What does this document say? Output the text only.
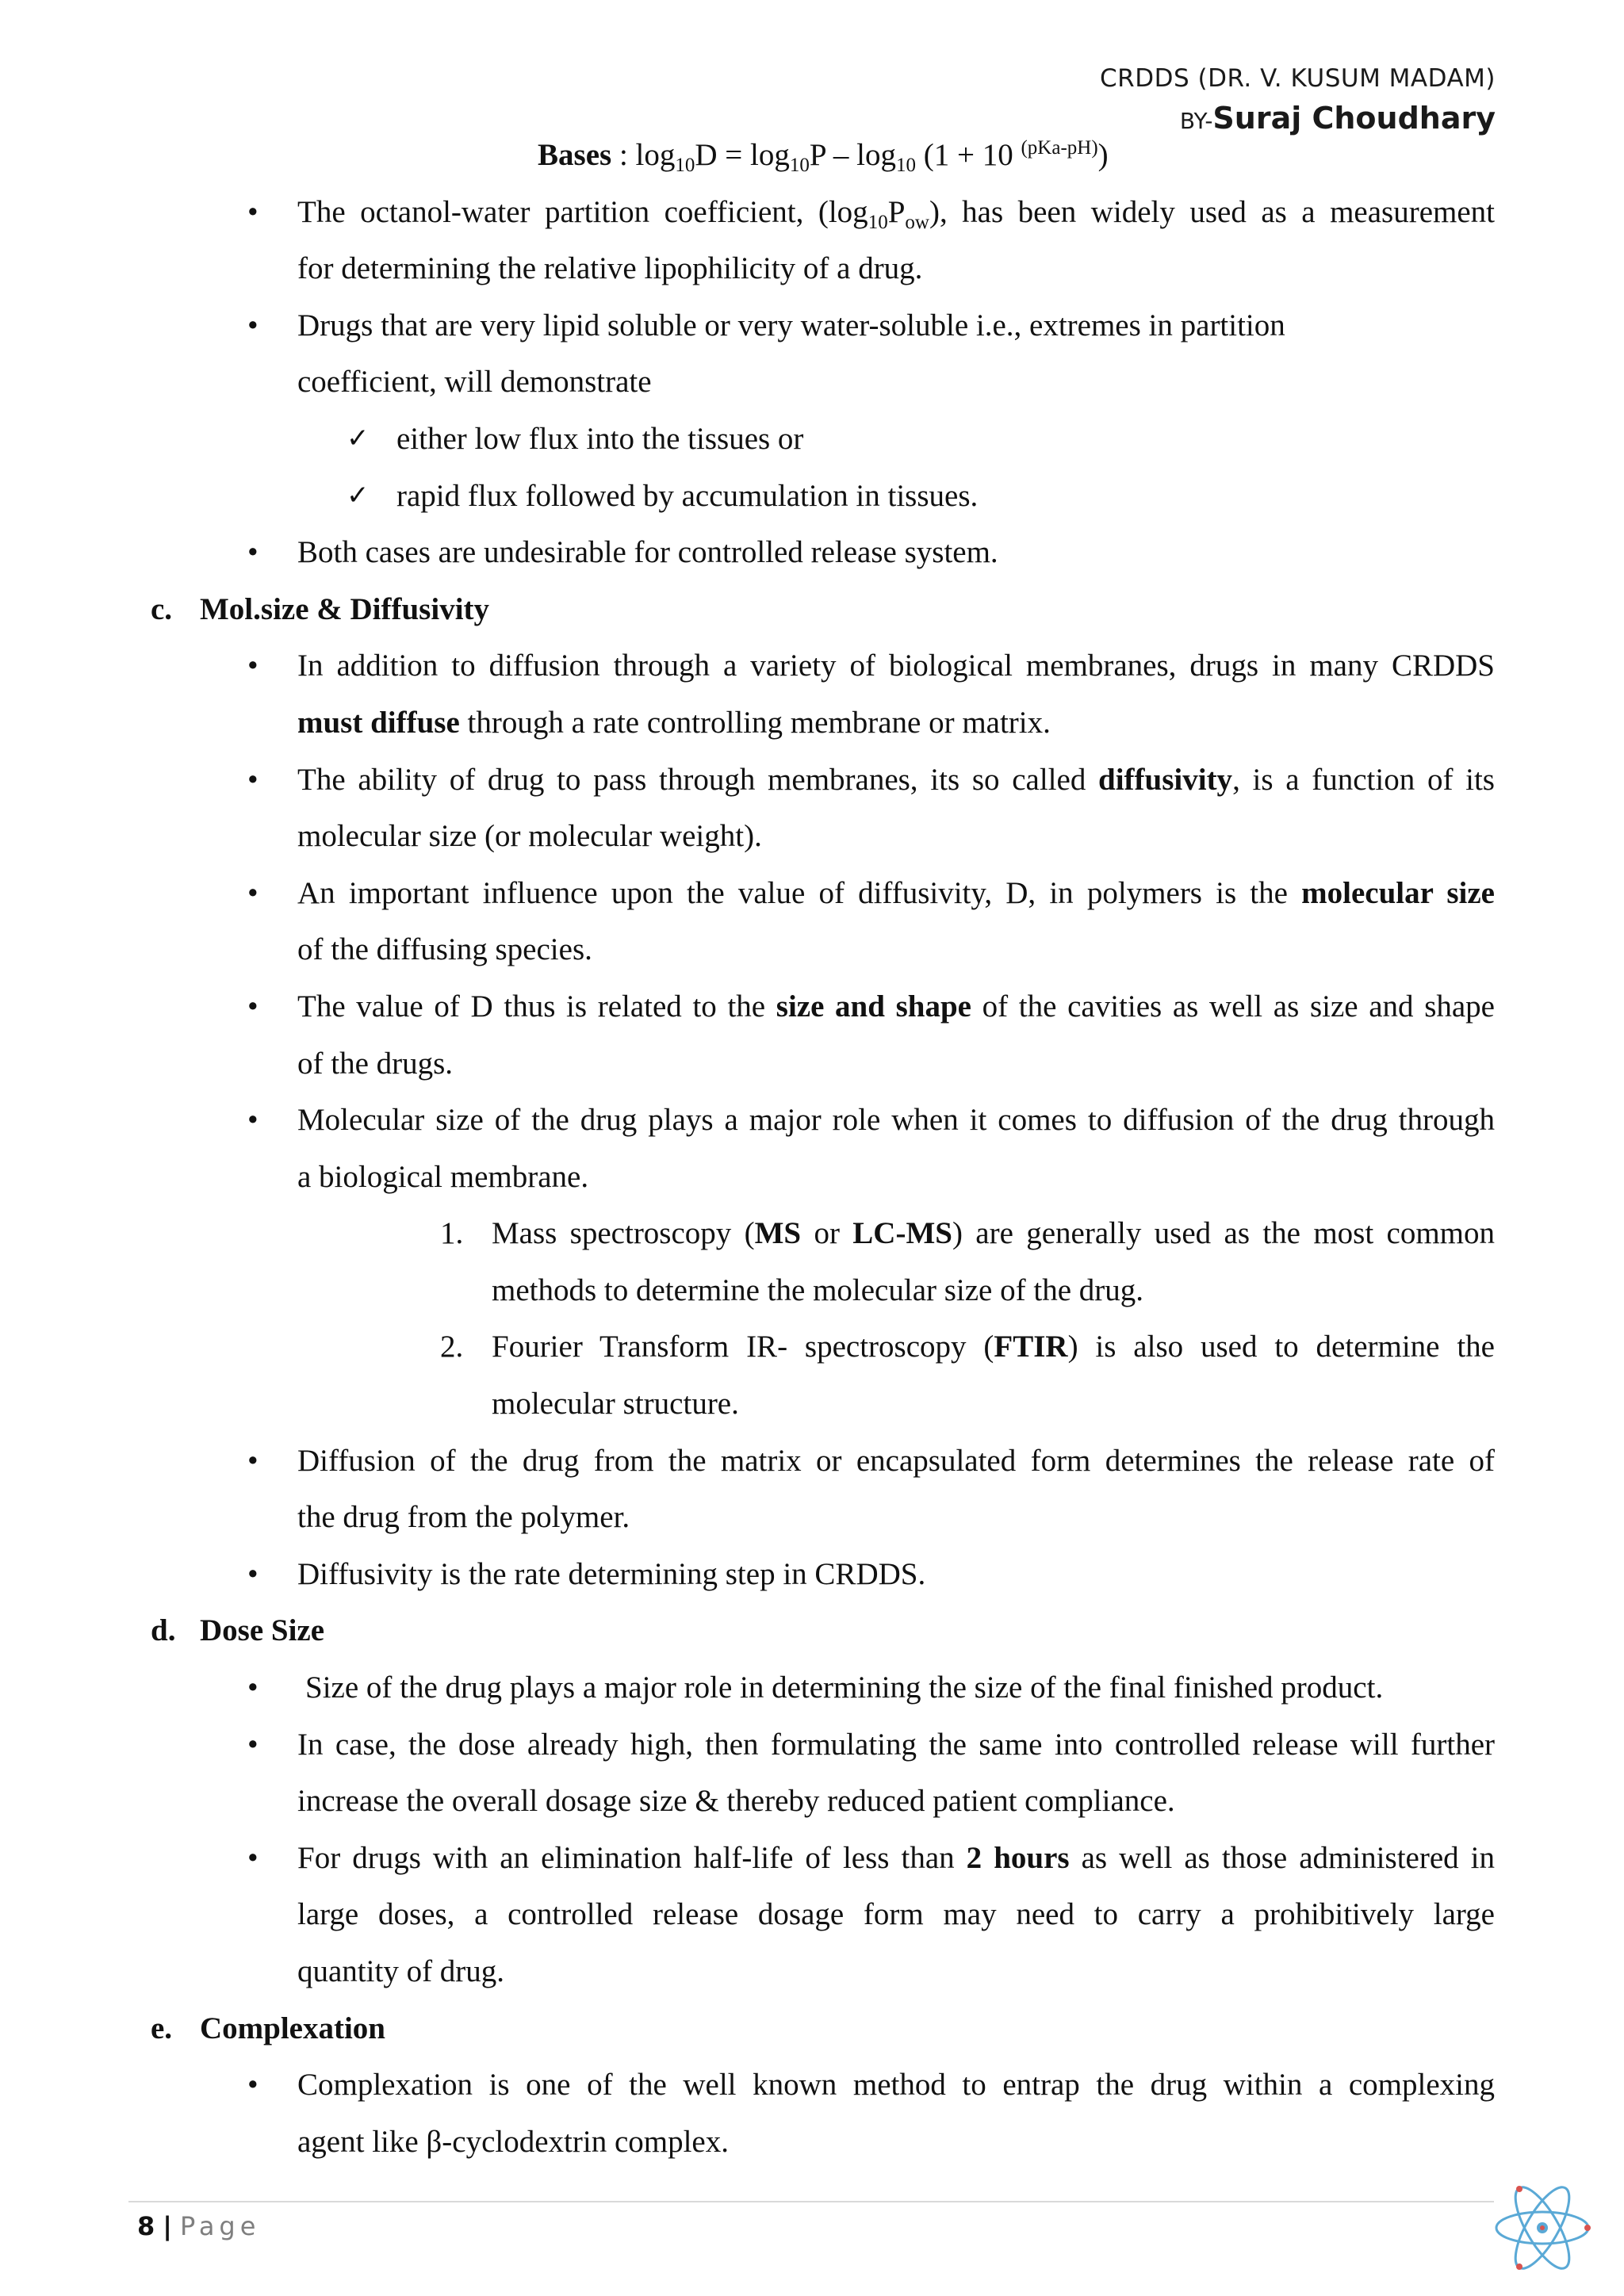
CRDDS (DR. V. KUSUM MADAM)
BY-Suraj Choudhary
Bases : $\log_{10}D = \log_{10}P - \log_{10} (1 + 10$ $^{(pKa-pH)}$)
• The octanol-water partition coefficient, $(\log_{10}P_{ow})$, has been widely used as a measurement
for determining the relative lipophilicity of a drug.
• Drugs that are very lipid soluble or very water-soluble i.e., extremes in partition
coefficient, will demonstrate
✓ either low flux into the tissues or
✓ rapid flux followed by accumulation in tissues.
• Both cases are undesirable for controlled release system.
c. Mol.size & Diffusivity
• In addition to diffusion through a variety of biological membranes, drugs in many CRDDS
must diffuse through a rate controlling membrane or matrix.
• The ability of drug to pass through membranes, its so called diffusivity, is a function of its
molecular size (or molecular weight).
• An important influence upon the value of diffusivity, D, in polymers is the molecular size
of the diffusing species.
• The value of D thus is related to the size and shape of the cavities as well as size and shape
of the drugs.
• Molecular size of the drug plays a major role when it comes to diffusion of the drug through
a biological membrane.
1. Mass spectroscopy (MS or LC-MS) are generally used as the most common
methods to determine the molecular size of the drug.
2. Fourier Transform IR- spectroscopy (FTIR) is also used to determine the
molecular structure.
• Diffusion of the drug from the matrix or encapsulated form determines the release rate of
the drug from the polymer.
• Diffusivity is the rate determining step in CRDDS.
d. Dose Size
• Size of the drug plays a major role in determining the size of the final finished product.
• In case, the dose already high, then formulating the same into controlled release will further
increase the overall dosage size & thereby reduced patient compliance.
• For drugs with an elimination half-life of less than 2 hours as well as those administered in
large doses, a controlled release dosage form may need to carry a prohibitively large
quantity of drug.
e. Complexation
• Complexation is one of the well known method to entrap the drug within a complexing
agent like β-cyclodextrin complex.
8 | Page
